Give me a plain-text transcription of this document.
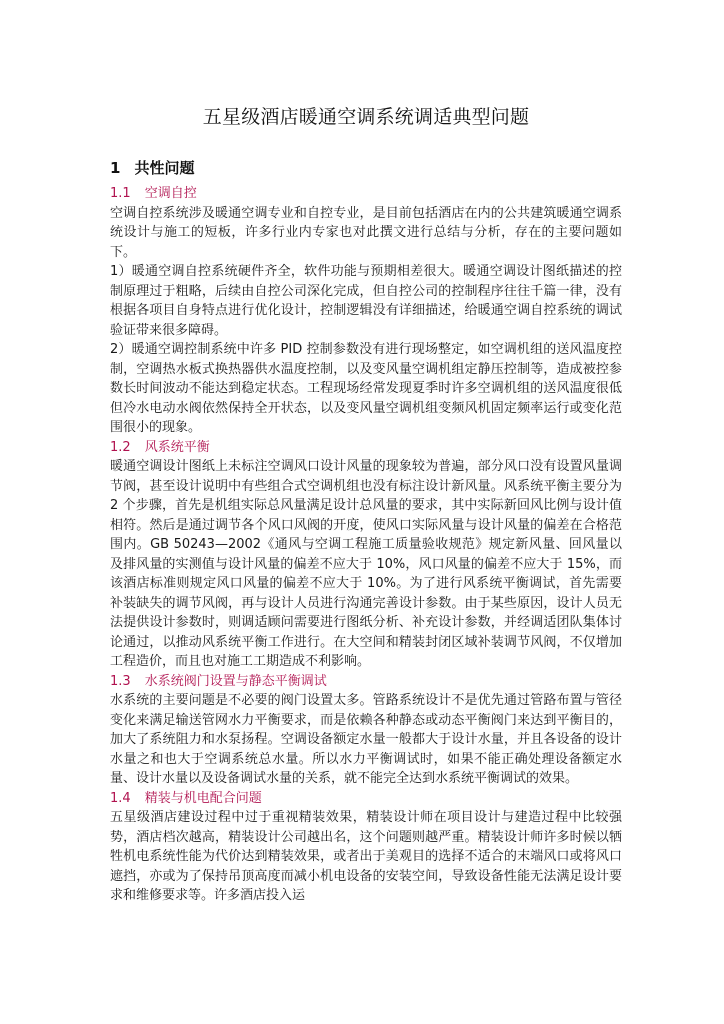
五星级酒店暖通空调系统调适典型问题
1 共性问题
1.1 空调自控

空调自控系统涉及暖通空调专业和自控专业，是目前包括酒店在内的公共建筑暖通空调系统设计与施工的短板，许多行业内专家也对此撰文进行总结与分析，存在的主要问题如下。

1）暖通空调自控系统硬件齐全，软件功能与预期相差很大。暖通空调设计图纸描述的控制原理过于粗略，后续由自控公司深化完成，但自控公司的控制程序往往千篇一律，没有根据各项目自身特点进行优化设计，控制逻辑没有详细描述，给暖通空调自控系统的调试验证带来很多障碍。

2）暖通空调控制系统中许多 PID 控制参数没有进行现场整定，如空调机组的送风温度控制，空调热水板式换热器供水温度控制，以及变风量空调机组定静压控制等，造成被控参数长时间波动不能达到稳定状态。工程现场经常发现夏季时许多空调机组的送风温度很低但冷水电动水阀依然保持全开状态，以及变风量空调机组变频风机固定频率运行或变化范围很小的现象。

1.2 风系统平衡

暖通空调设计图纸上未标注空调风口设计风量的现象较为普遍，部分风口没有设置风量调节阀，甚至设计说明中有些组合式空调机组也没有标注设计新风量。风系统平衡主要分为 2 个步骤，首先是机组实际总风量满足设计总风量的要求，其中实际新回风比例与设计值相符。然后是通过调节各个风口风阀的开度，使风口实际风量与设计风量的偏差在合格范围内。GB 50243—2002《通风与空调工程施工质量验收规范》规定新风量、回风量以及排风量的实测值与设计风量的偏差不应大于 10%，风口风量的偏差不应大于 15%，而该酒店标准则规定风口风量的偏差不应大于 10%。为了进行风系统平衡调试，首先需要补装缺失的调节风阀，再与设计人员进行沟通完善设计参数。由于某些原因，设计人员无法提供设计参数时，则调适顾问需要进行图纸分析、补充设计参数，并经调适团队集体讨论通过，以推动风系统平衡工作进行。在大空间和精装封闭区域补装调节风阀，不仅增加工程造价，而且也对施工工期造成不利影响。

1.3 水系统阀门设置与静态平衡调试

水系统的主要问题是不必要的阀门设置太多。管路系统设计不是优先通过管路布置与管径变化来满足输送管网水力平衡要求，而是依赖各种静态或动态平衡阀门来达到平衡目的，加大了系统阻力和水泵扬程。空调设备额定水量一般都大于设计水量，并且各设备的设计水量之和也大于空调系统总水量。所以水力平衡调试时，如果不能正确处理设备额定水量、设计水量以及设备调试水量的关系，就不能完全达到水系统平衡调试的效果。

1.4 精装与机电配合问题

五星级酒店建设过程中过于重视精装效果，精装设计师在项目设计与建造过程中比较强势，酒店档次越高，精装设计公司越出名，这个问题则越严重。精装设计师许多时候以牺牲机电系统性能为代价达到精装效果，或者出于美观目的选择不适合的末端风口或将风口遮挡，亦或为了保持吊顶高度而减小机电设备的安装空间，导致设备性能无法满足设计要求和维修要求等。许多酒店投入运
